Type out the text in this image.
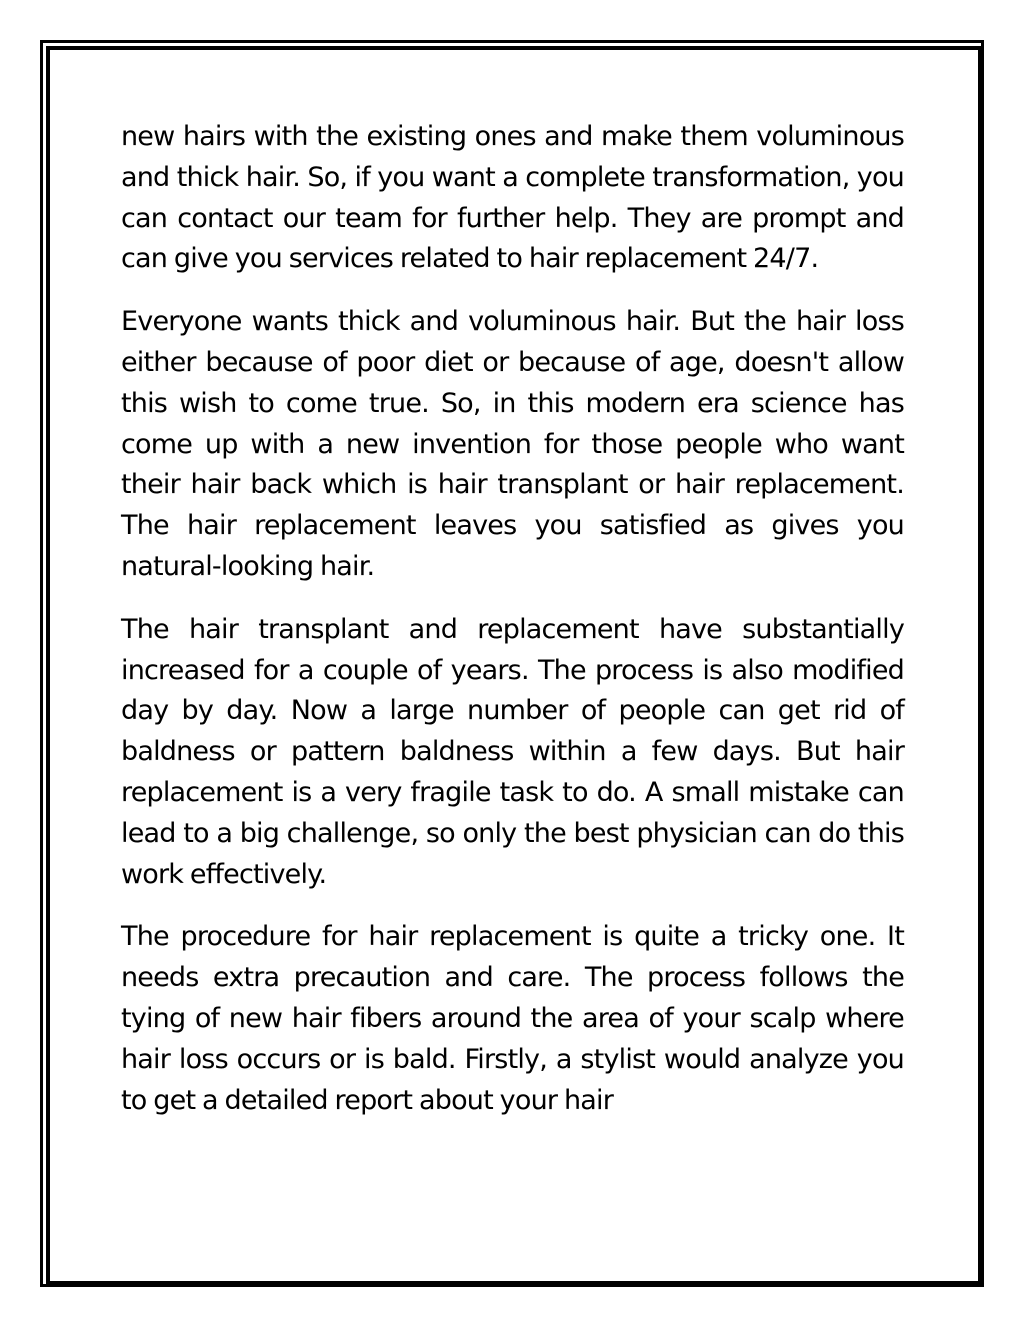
new hairs with the existing ones and make them voluminous and thick hair. So, if you want a complete transformation, you can contact our team for further help. They are prompt and can give you services related to hair replacement 24/7.

Everyone wants thick and voluminous hair. But the hair loss either because of poor diet or because of age, doesn't allow this wish to come true. So, in this modern era science has come up with a new invention for those people who want their hair back which is hair transplant or hair replacement. The hair replacement leaves you satisfied as gives you natural-looking hair.

The hair transplant and replacement have substantially increased for a couple of years. The process is also modified day by day. Now a large number of people can get rid of baldness or pattern baldness within a few days. But hair replacement is a very fragile task to do. A small mistake can lead to a big challenge, so only the best physician can do this work effectively.

The procedure for hair replacement is quite a tricky one. It needs extra precaution and care. The process follows the tying of new hair fibers around the area of your scalp where hair loss occurs or is bald. Firstly, a stylist would analyze you to get a detailed report about your hair
